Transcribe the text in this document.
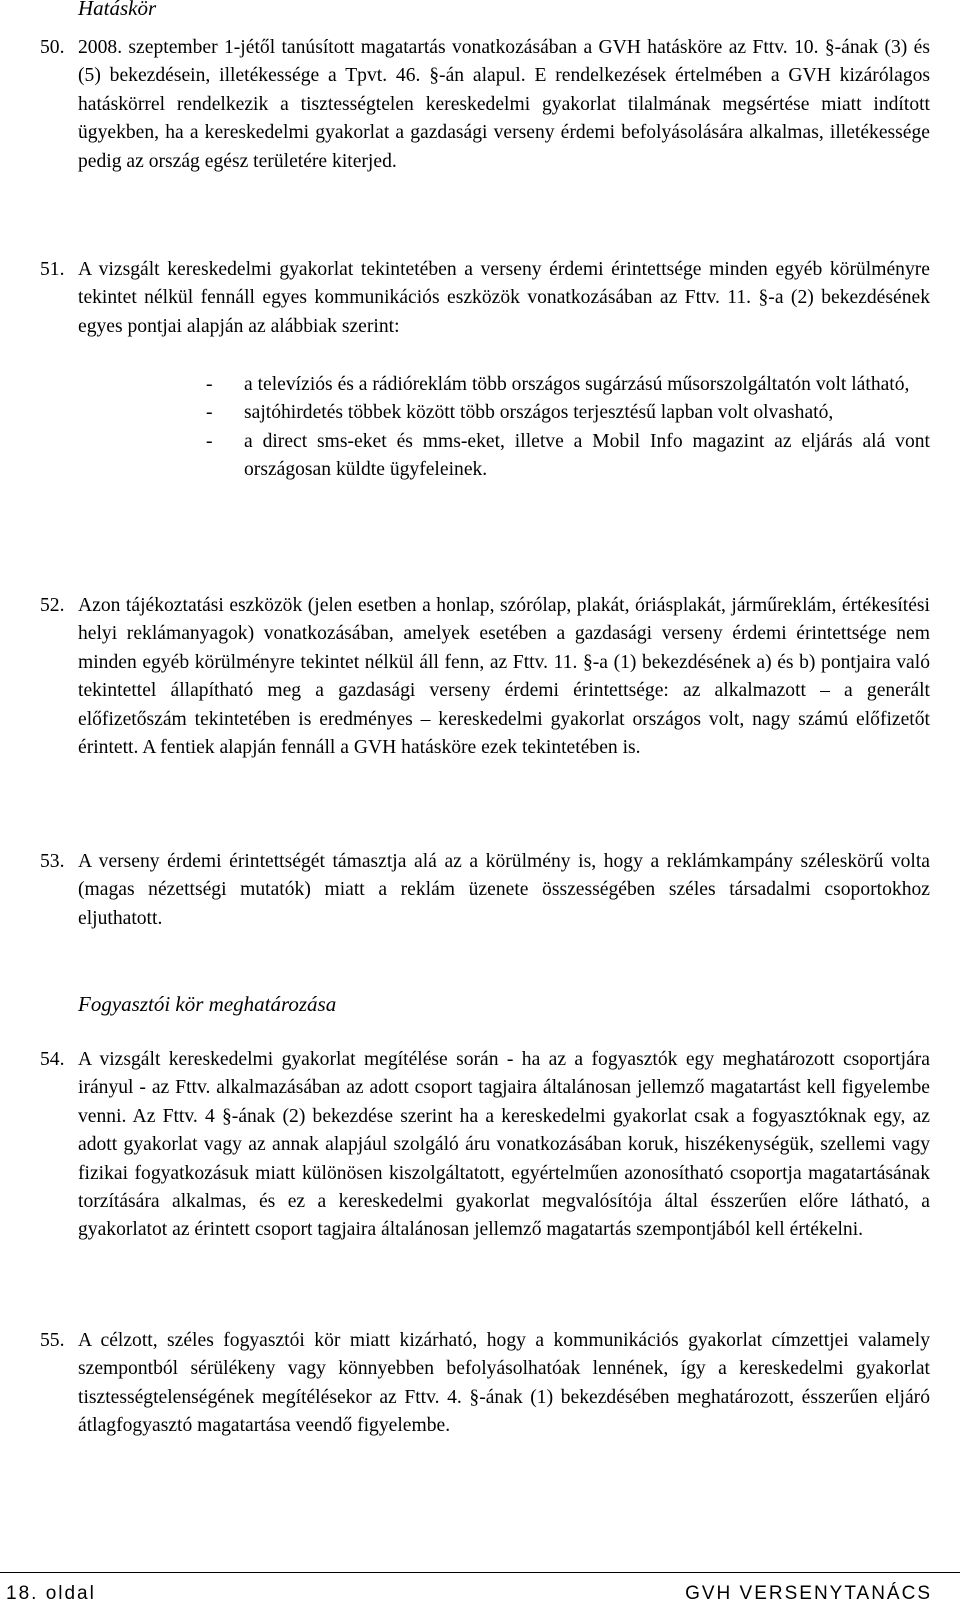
Hatáskör
50. 2008. szeptember 1-jétől tanúsított magatartás vonatkozásában a GVH hatásköre az Fttv. 10. §-ának (3) és (5) bekezdésein, illetékessége a Tpvt. 46. §-án alapul. E rendelkezések értelmében a GVH kizárólagos hatáskörrel rendelkezik a tisztességtelen kereskedelmi gyakorlat tilalmának megsértése miatt indított ügyekben, ha a kereskedelmi gyakorlat a gazdasági verseny érdemi befolyásolására alkalmas, illetékessége pedig az ország egész területére kiterjed.
51. A vizsgált kereskedelmi gyakorlat tekintetében a verseny érdemi érintettsége minden egyéb körülményre tekintet nélkül fennáll egyes kommunikációs eszközök vonatkozásában az Fttv. 11. §-a (2) bekezdésének egyes pontjai alapján az alábbiak szerint:
-	a televíziós és a rádióreklám több országos sugárzású műsorszolgáltatón volt látható,
-	sajtóhirdetés többek között több országos terjesztésű lapban volt olvasható,
-	a direct sms-eket és mms-eket, illetve a Mobil Info magazint az eljárás alá vont országosan küldte ügyfeleinek.
52. Azon tájékoztatási eszközök (jelen esetben a honlap, szórólap, plakát, óriásplakát, járműreklám, értékesítési helyi reklámanyagok) vonatkozásában, amelyek esetében a gazdasági verseny érdemi érintettsége nem minden egyéb körülményre tekintet nélkül áll fenn, az Fttv. 11. §-a (1) bekezdésének a) és b) pontjaira való tekintettel állapítható meg a gazdasági verseny érdemi érintettsége: az alkalmazott – a generált előfizetőszám tekintetében is eredményes – kereskedelmi gyakorlat országos volt, nagy számú előfizetőt érintett. A fentiek alapján fennáll a GVH hatásköre ezek tekintetében is.
53. A verseny érdemi érintettségét támasztja alá az a körülmény is, hogy a reklámkampány széleskörű volta (magas nézettségi mutatók) miatt a reklám üzenete összességében széles társadalmi csoportokhoz eljuthatott.
Fogyasztói kör meghatározása
54. A vizsgált kereskedelmi gyakorlat megítélése során - ha az a fogyasztók egy meghatározott csoportjára irányul - az Fttv. alkalmazásában az adott csoport tagjaira általánosan jellemző magatartást kell figyelembe venni. Az Fttv. 4 §-ának (2) bekezdése szerint ha a kereskedelmi gyakorlat csak a fogyasztóknak egy, az adott gyakorlat vagy az annak alapjául szolgáló áru vonatkozásában koruk, hiszékenységük, szellemi vagy fizikai fogyatkozásuk miatt különösen kiszolgáltatott, egyértelműen azonosítható csoportja magatartásának torzítására alkalmas, és ez a kereskedelmi gyakorlat megvalósítója által ésszerűen előre látható, a gyakorlatot az érintett csoport tagjaira általánosan jellemző magatartás szempontjából kell értékelni.
55. A célzott, széles fogyasztói kör miatt kizárható, hogy a kommunikációs gyakorlat címzettjei valamely szempontból sérülékeny vagy könnyebben befolyásolhatóak lennének, így a kereskedelmi gyakorlat tisztességtelenségének megítélésekor az Fttv. 4. §-ának (1) bekezdésében meghatározott, ésszerűen eljáró átlagfogyasztó magatartása veendő figyelembe.
18. oldal	GVH VERSENYTANÁCS
